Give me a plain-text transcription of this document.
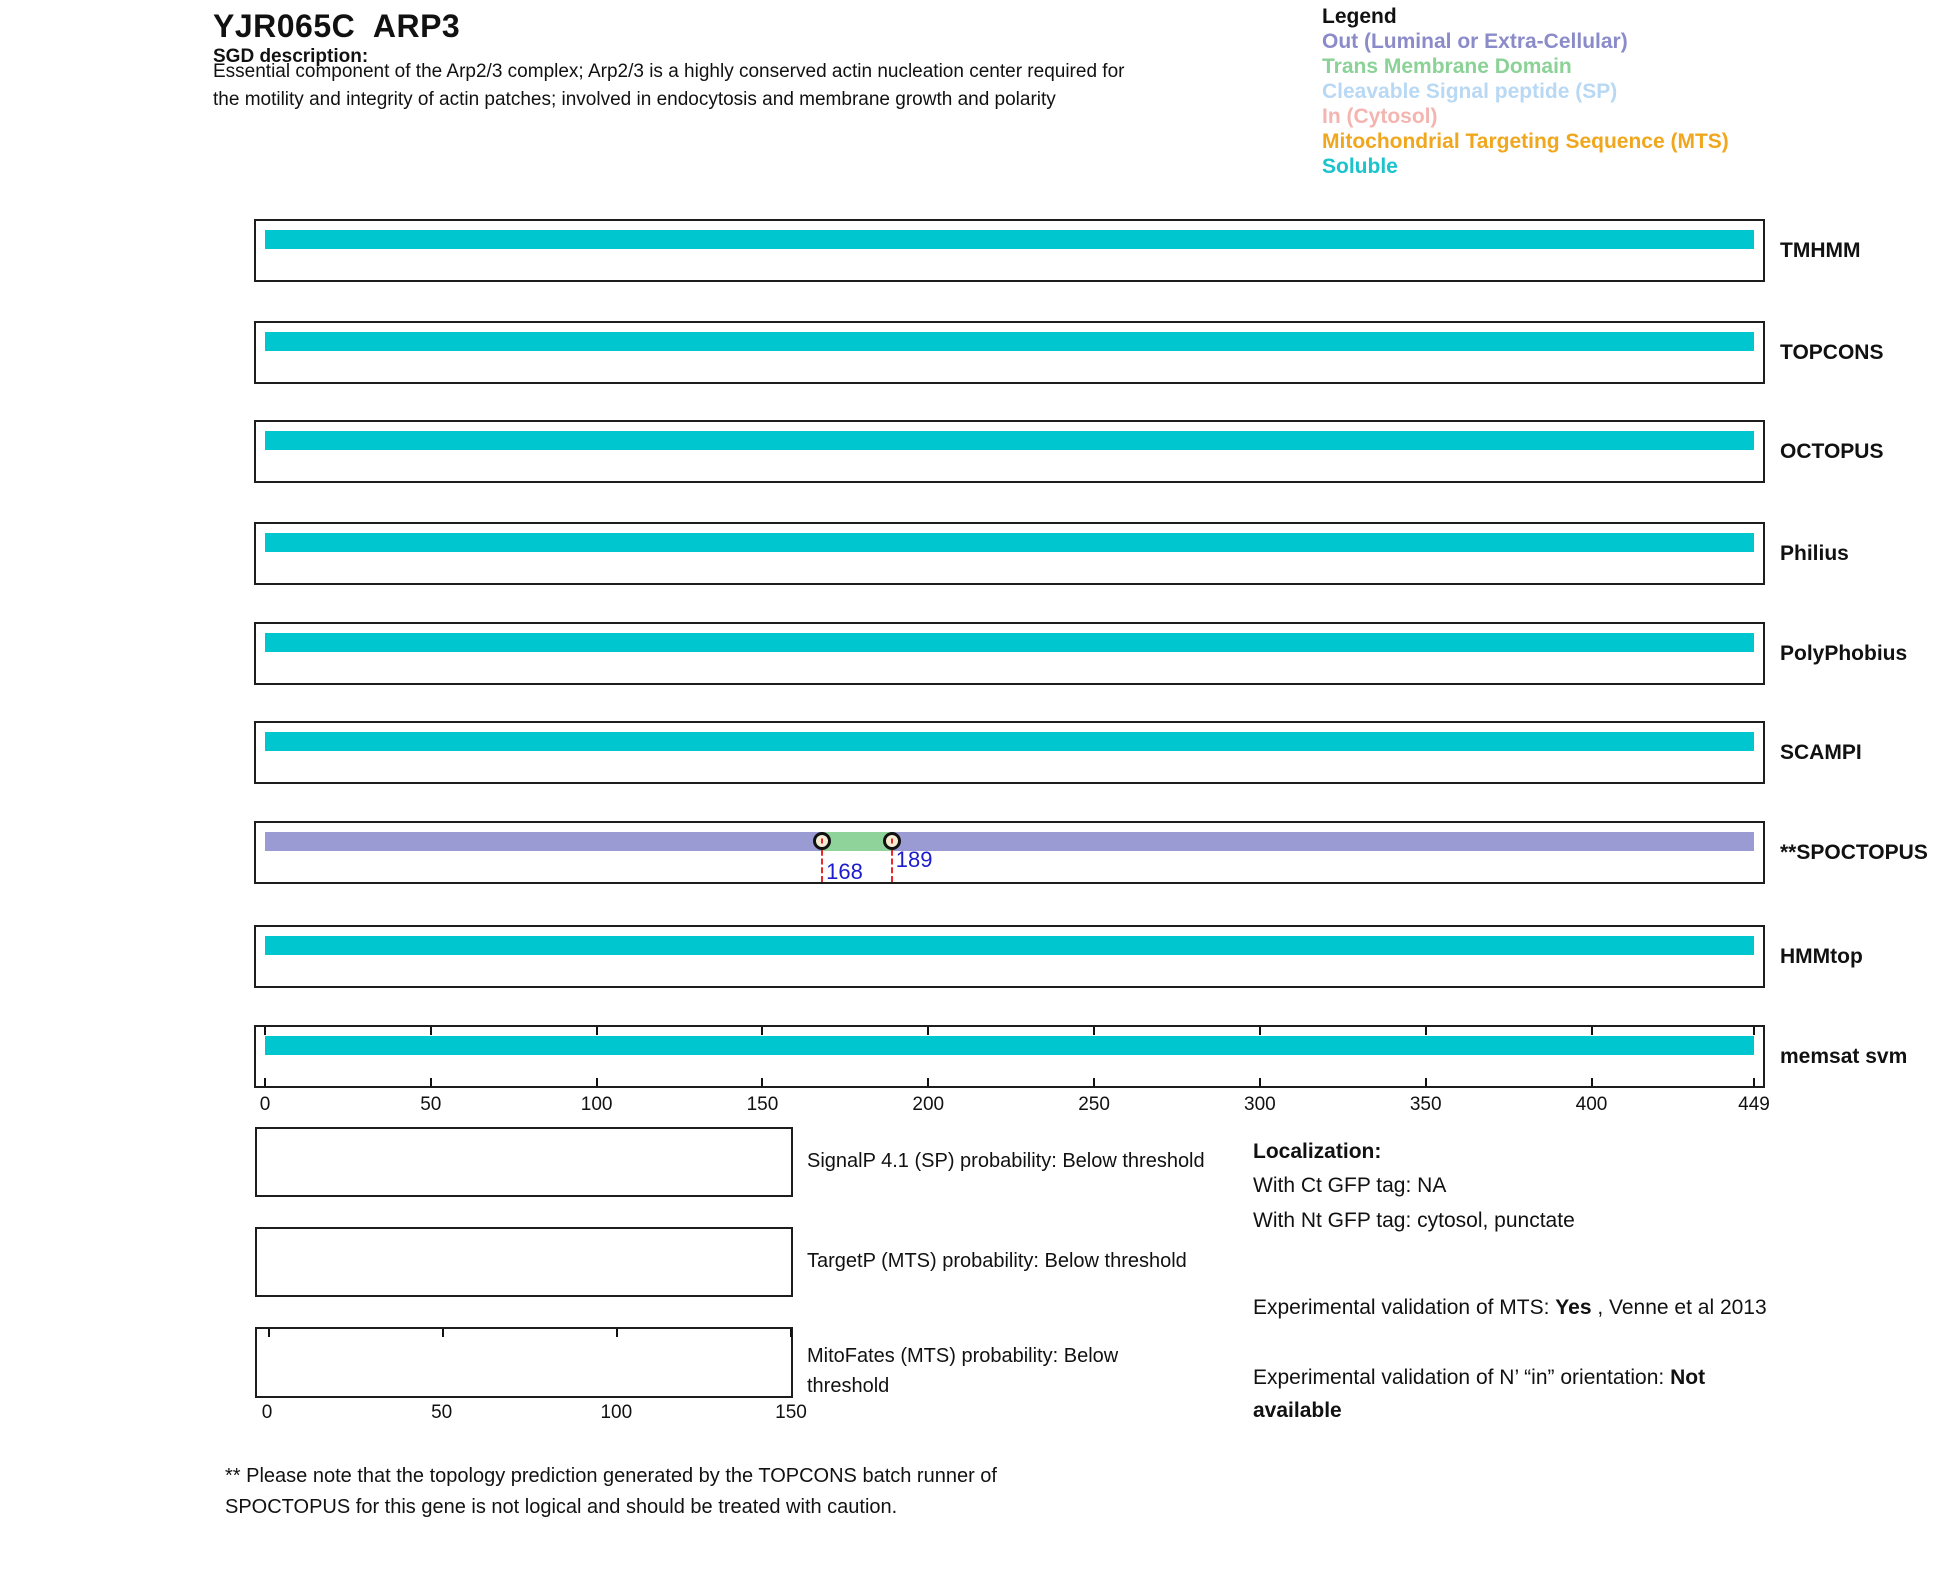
YJR065C  ARP3
SGD description:
Essential component of the Arp2/3 complex; Arp2/3 is a highly conserved actin nucleation center required for
the motility and integrity of actin patches; involved in endocytosis and membrane growth and polarity
Legend
Out (Luminal or Extra-Cellular)
Trans Membrane Domain
Cleavable Signal peptide (SP)
In (Cytosol)
Mitochondrial Targeting Sequence (MTS)
Soluble
TMHMM
TOPCONS
OCTOPUS
Philius
PolyPhobius
SCAMPI
168 189	**SPOCTOPUS
HMMtop
memsat svm
0	50	100	150	200	250	300	350	400	449
SignalP 4.1 (SP) probability: Below threshold
TargetP (MTS) probability: Below threshold
MitoFates (MTS) probability: Below threshold
0	50	100	150
Localization:
With Ct GFP tag: NA
With Nt GFP tag: cytosol, punctate
Experimental validation of MTS: Yes , Venne et al 2013
Experimental validation of N’ “in” orientation: Not available
** Please note that the topology prediction generated by the TOPCONS batch runner of
SPOCTOPUS for this gene is not logical and should be treated with caution.
